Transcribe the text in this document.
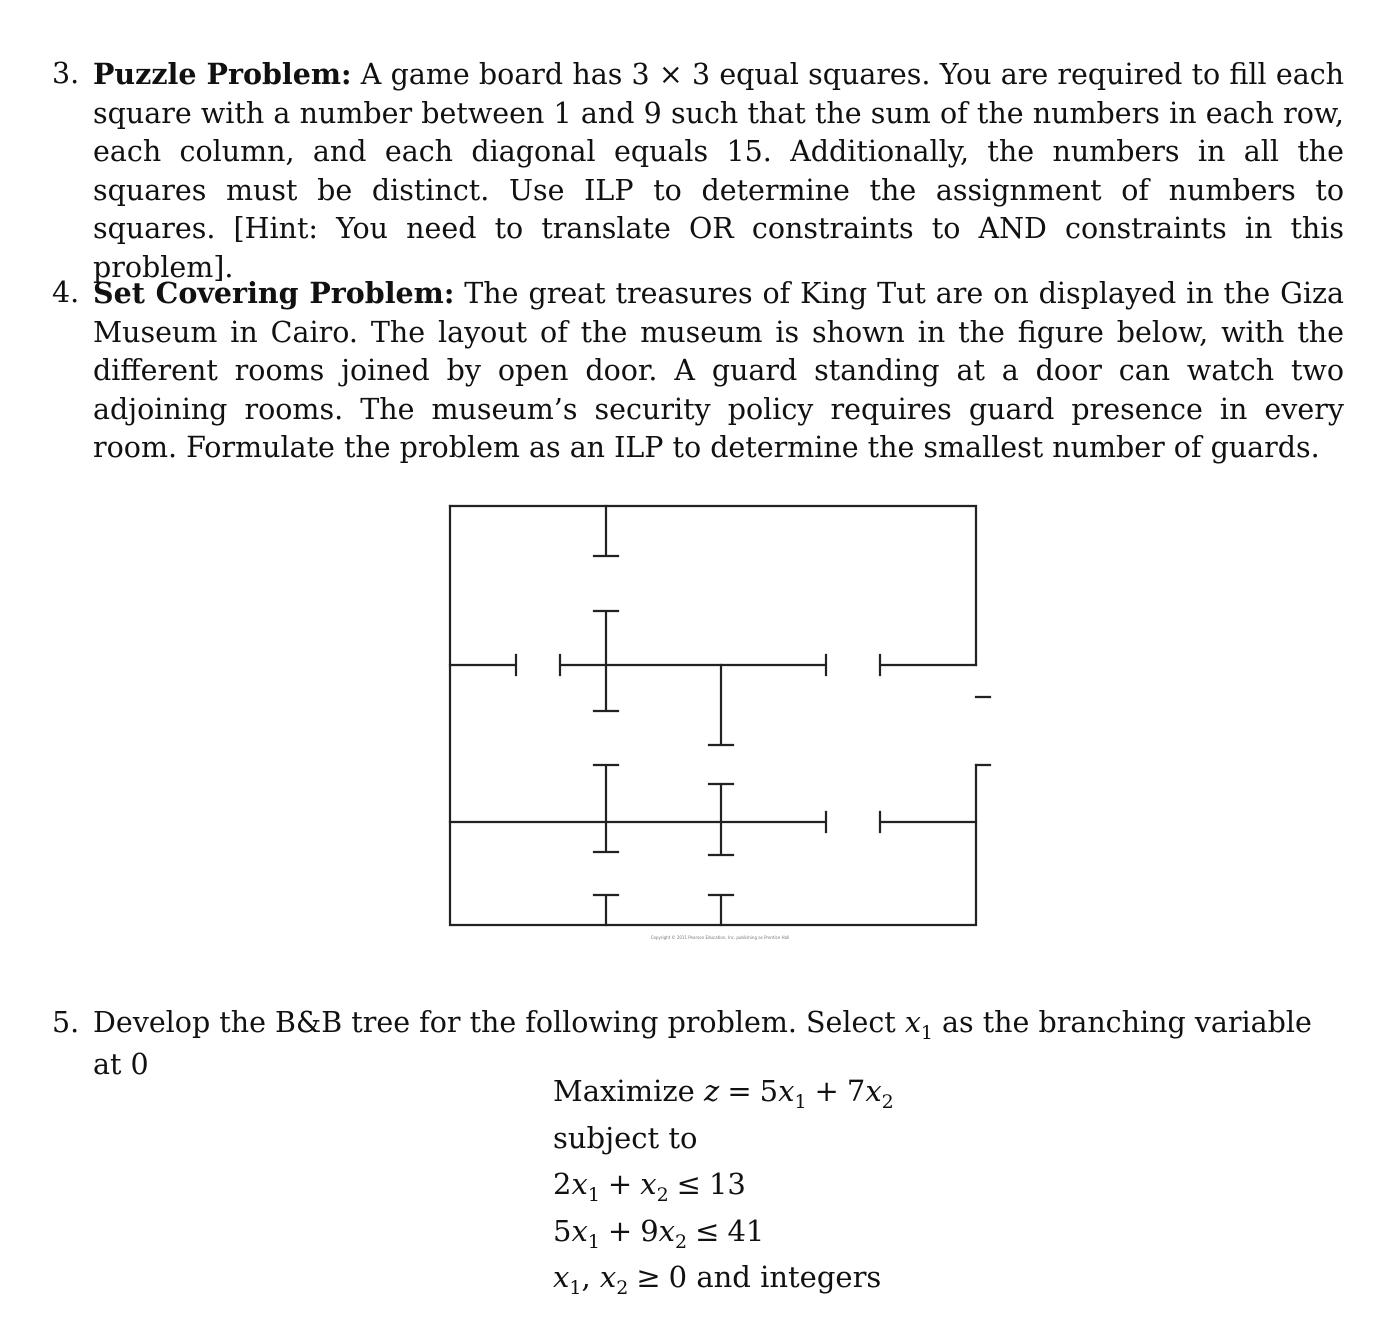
3. Puzzle Problem: A game board has 3 × 3 equal squares. You are required to fill each square with a number between 1 and 9 such that the sum of the numbers in each row, each column, and each diagonal equals 15. Additionally, the numbers in all the squares must be distinct. Use ILP to determine the assignment of numbers to squares. [Hint: You need to translate OR constraints to AND constraints in this problem].
4. Set Covering Problem: The great treasures of King Tut are on displayed in the Giza Museum in Cairo. The layout of the museum is shown in the figure below, with the different rooms joined by open door. A guard standing at a door can watch two adjoining rooms. The museum’s security policy requires guard presence in every room. Formulate the problem as an ILP to determine the smallest number of guards.
Copyright © 2011 Pearson Education, Inc. publishing as Prentice Hall
5. Develop the B&B tree for the following problem. Select $x_1$ as the branching variable at 0
Maximize $z = 5x_1 + 7x_2$
subject to
$2x_1 + x_2 \le 13$
$5x_1 + 9x_2 \le 41$
$x_1$, $x_2 \ge 0$ and integers
